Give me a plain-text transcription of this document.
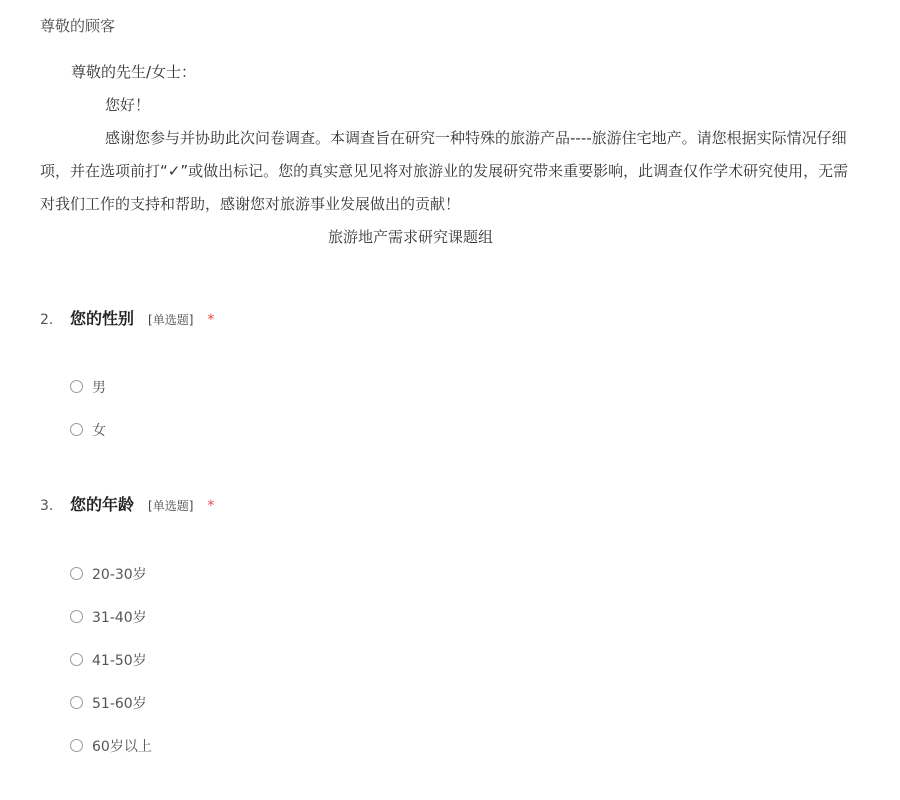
尊敬的顾客

尊敬的先生/女士：

您好！

感谢您参与并协助此次问卷调查。本调查旨在研究一种特殊的旅游产品----旅游住宅地产。请您根据实际情况仔细

项，并在选项前打“✓”或做出标记。您的真实意见见将对旅游业的发展研究带来重要影响，此调查仅作学术研究使用，无需

对我们工作的支持和帮助，感谢您对旅游事业发展做出的贡献！

旅游地产需求研究课题组

2.	您的性别 [单选题] *
男
女
3.	您的年龄 [单选题] *
20-30岁
31-40岁
41-50岁
51-60岁
60岁以上
